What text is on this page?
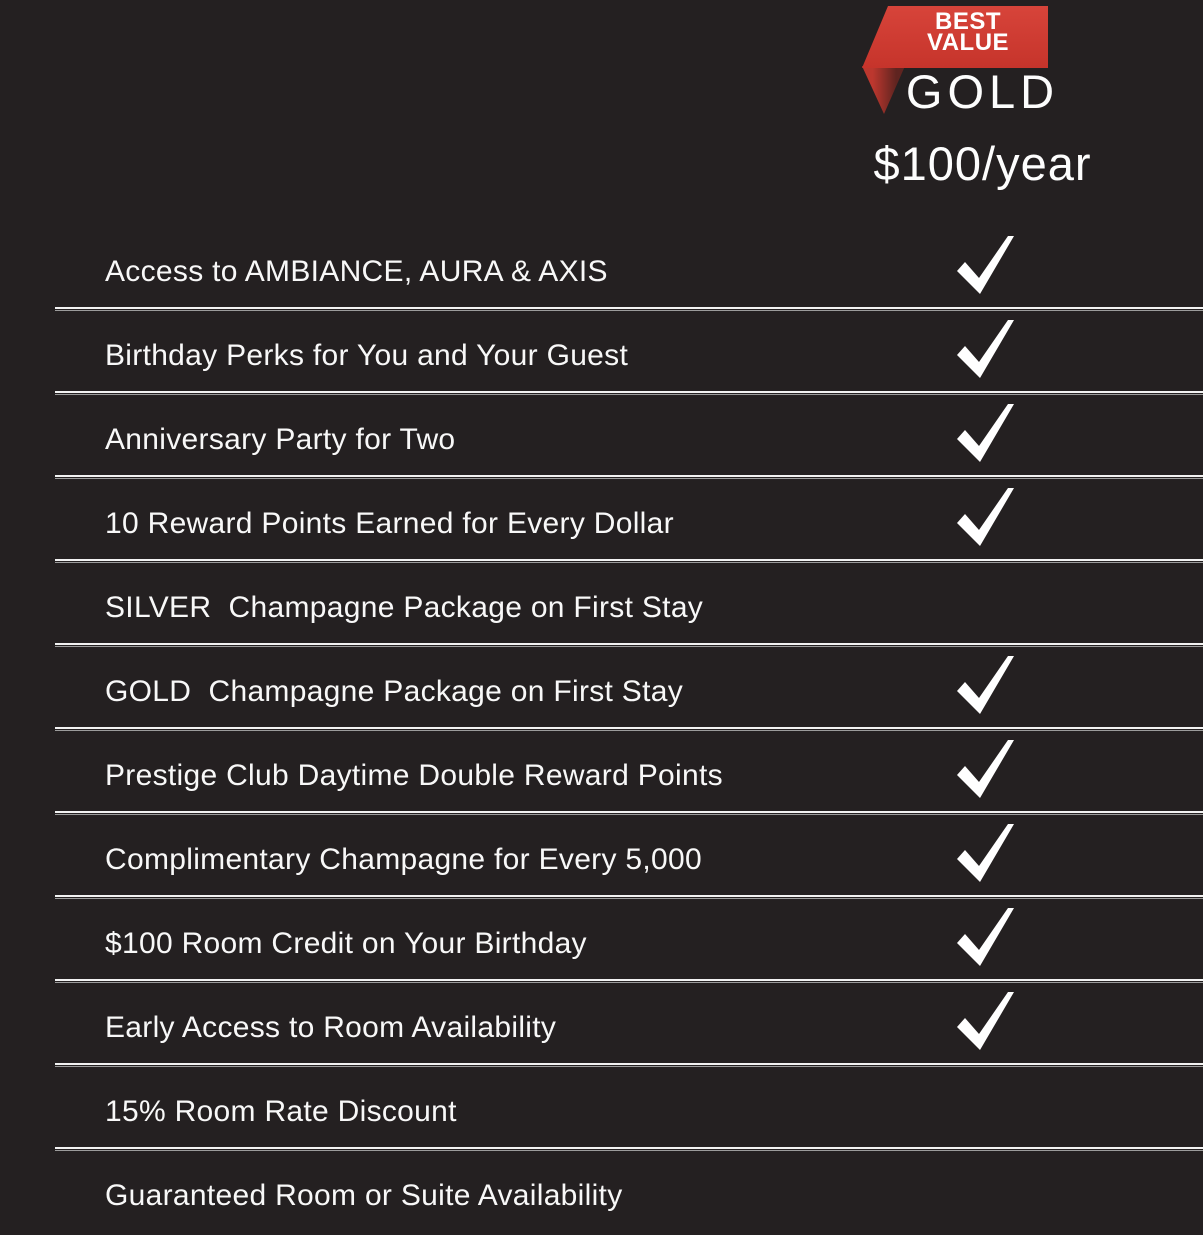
BEST
VALUE
GOLD
$100/year
Access to AMBIANCE, AURA & AXIS
Birthday Perks for You and Your Guest
Anniversary Party for Two
10 Reward Points Earned for Every Dollar
SILVER  Champagne Package on First Stay
GOLD  Champagne Package on First Stay
Prestige Club Daytime Double Reward Points
Complimentary Champagne for Every 5,000
$100 Room Credit on Your Birthday
Early Access to Room Availability
15% Room Rate Discount
Guaranteed Room or Suite Availability
